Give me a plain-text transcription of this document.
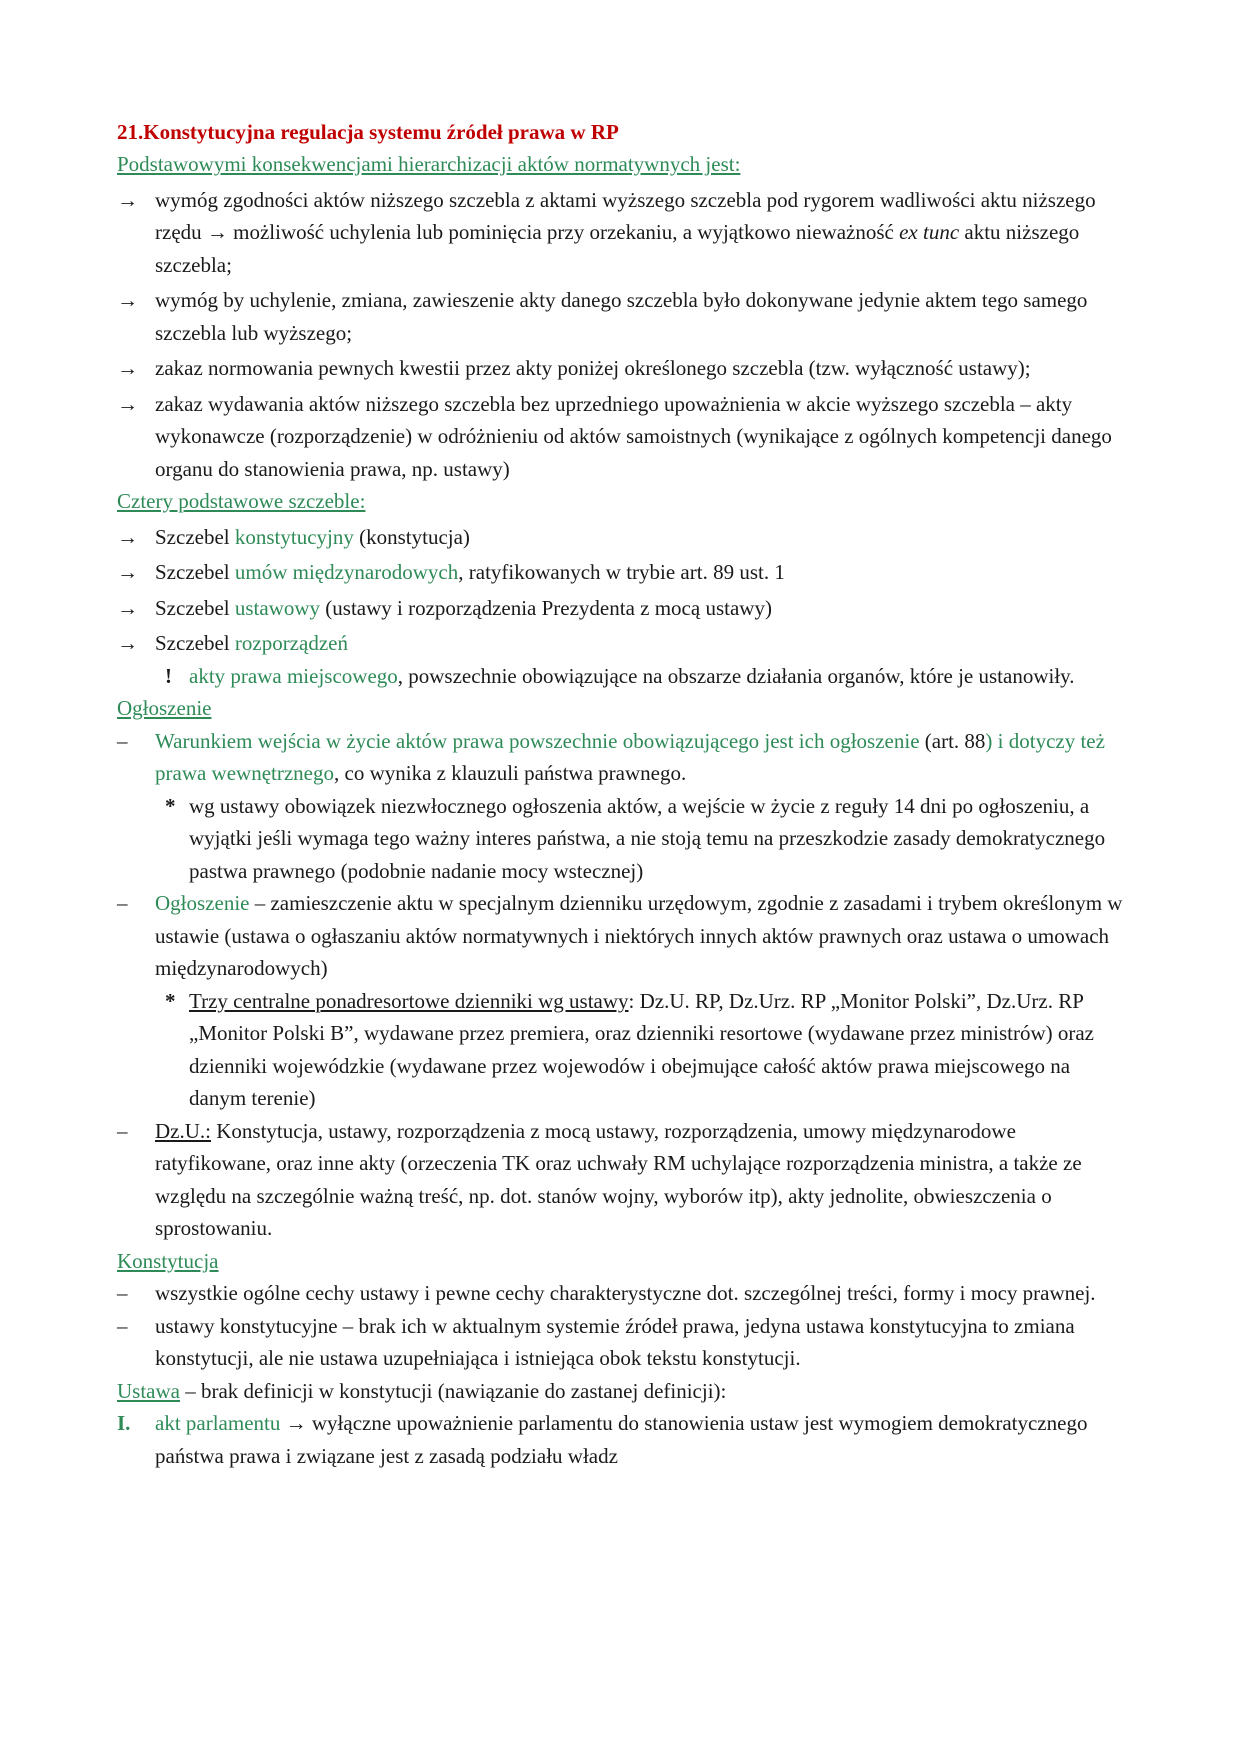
21.Konstytucyjna regulacja systemu źródeł prawa w RP
Podstawowymi konsekwencjami hierarchizacji aktów normatywnych jest:
→ wymóg zgodności aktów niższego szczebla z aktami wyższego szczebla pod rygorem wadliwości aktu niższego rzędu → możliwość uchylenia lub pominięcia przy orzekaniu, a wyjątkowo nieważność ex tunc aktu niższego szczebla;
→ wymóg by uchylenie, zmiana, zawieszenie akty danego szczebla było dokonywane jedynie aktem tego samego szczebla lub wyższego;
→ zakaz normowania pewnych kwestii przez akty poniżej określonego szczebla (tzw. wyłączność ustawy);
→ zakaz wydawania aktów niższego szczebla bez uprzedniego upoważnienia w akcie wyższego szczebla – akty wykonawcze (rozporządzenie) w odróżnieniu od aktów samoistnych (wynikające z ogólnych kompetencji danego organu do stanowienia prawa, np. ustawy)
Cztery podstawowe szczeble:
→ Szczebel konstytucyjny (konstytucja)
→ Szczebel umów międzynarodowych, ratyfikowanych w trybie art. 89 ust. 1
→ Szczebel ustawowy (ustawy i rozporządzenia Prezydenta z mocą ustawy)
→ Szczebel rozporządzeń
! akty prawa miejscowego, powszechnie obowiązujące na obszarze działania organów, które je ustanowiły.
Ogłoszenie
– Warunkiem wejścia w życie aktów prawa powszechnie obowiązującego jest ich ogłoszenie (art. 88) i dotyczy też prawa wewnętrznego, co wynika z klauzuli państwa prawnego.
* wg ustawy obowiązek niezwłocznego ogłoszenia aktów, a wejście w życie z reguły 14 dni po ogłoszeniu, a wyjątki jeśli wymaga tego ważny interes państwa, a nie stoją temu na przeszkodzie zasady demokratycznego pastwa prawnego (podobnie nadanie mocy wstecznej)
– Ogłoszenie – zamieszczenie aktu w specjalnym dzienniku urzędowym, zgodnie z zasadami i trybem określonym w ustawie (ustawa o ogłaszaniu aktów normatywnych i niektórych innych aktów prawnych oraz ustawa o umowach międzynarodowych)
* Trzy centralne ponadresortowe dzienniki wg ustawy: Dz.U. RP, Dz.Urz. RP „Monitor Polski”, Dz.Urz. RP „Monitor Polski B”, wydawane przez premiera, oraz dzienniki resortowe (wydawane przez ministrów) oraz dzienniki wojewódzkie (wydawane przez wojewodów i obejmujące całość aktów prawa miejscowego na danym terenie)
– Dz.U.: Konstytucja, ustawy, rozporządzenia z mocą ustawy, rozporządzenia, umowy międzynarodowe ratyfikowane, oraz inne akty (orzeczenia TK oraz uchwały RM uchylające rozporządzenia ministra, a także ze względu na szczególnie ważną treść, np. dot. stanów wojny, wyborów itp), akty jednolite, obwieszczenia o sprostowaniu.
Konstytucja
– wszystkie ogólne cechy ustawy i pewne cechy charakterystyczne dot. szczególnej treści, formy i mocy prawnej.
– ustawy konstytucyjne – brak ich w aktualnym systemie źródeł prawa, jedyna ustawa konstytucyjna to zmiana konstytucji, ale nie ustawa uzupełniająca i istniejąca obok tekstu konstytucji.
Ustawa – brak definicji w konstytucji (nawiązanie do zastanej definicji):
I. akt parlamentu → wyłączne upoważnienie parlamentu do stanowienia ustaw jest wymogiem demokratycznego państwa prawa i związane jest z zasadą podziału władz
